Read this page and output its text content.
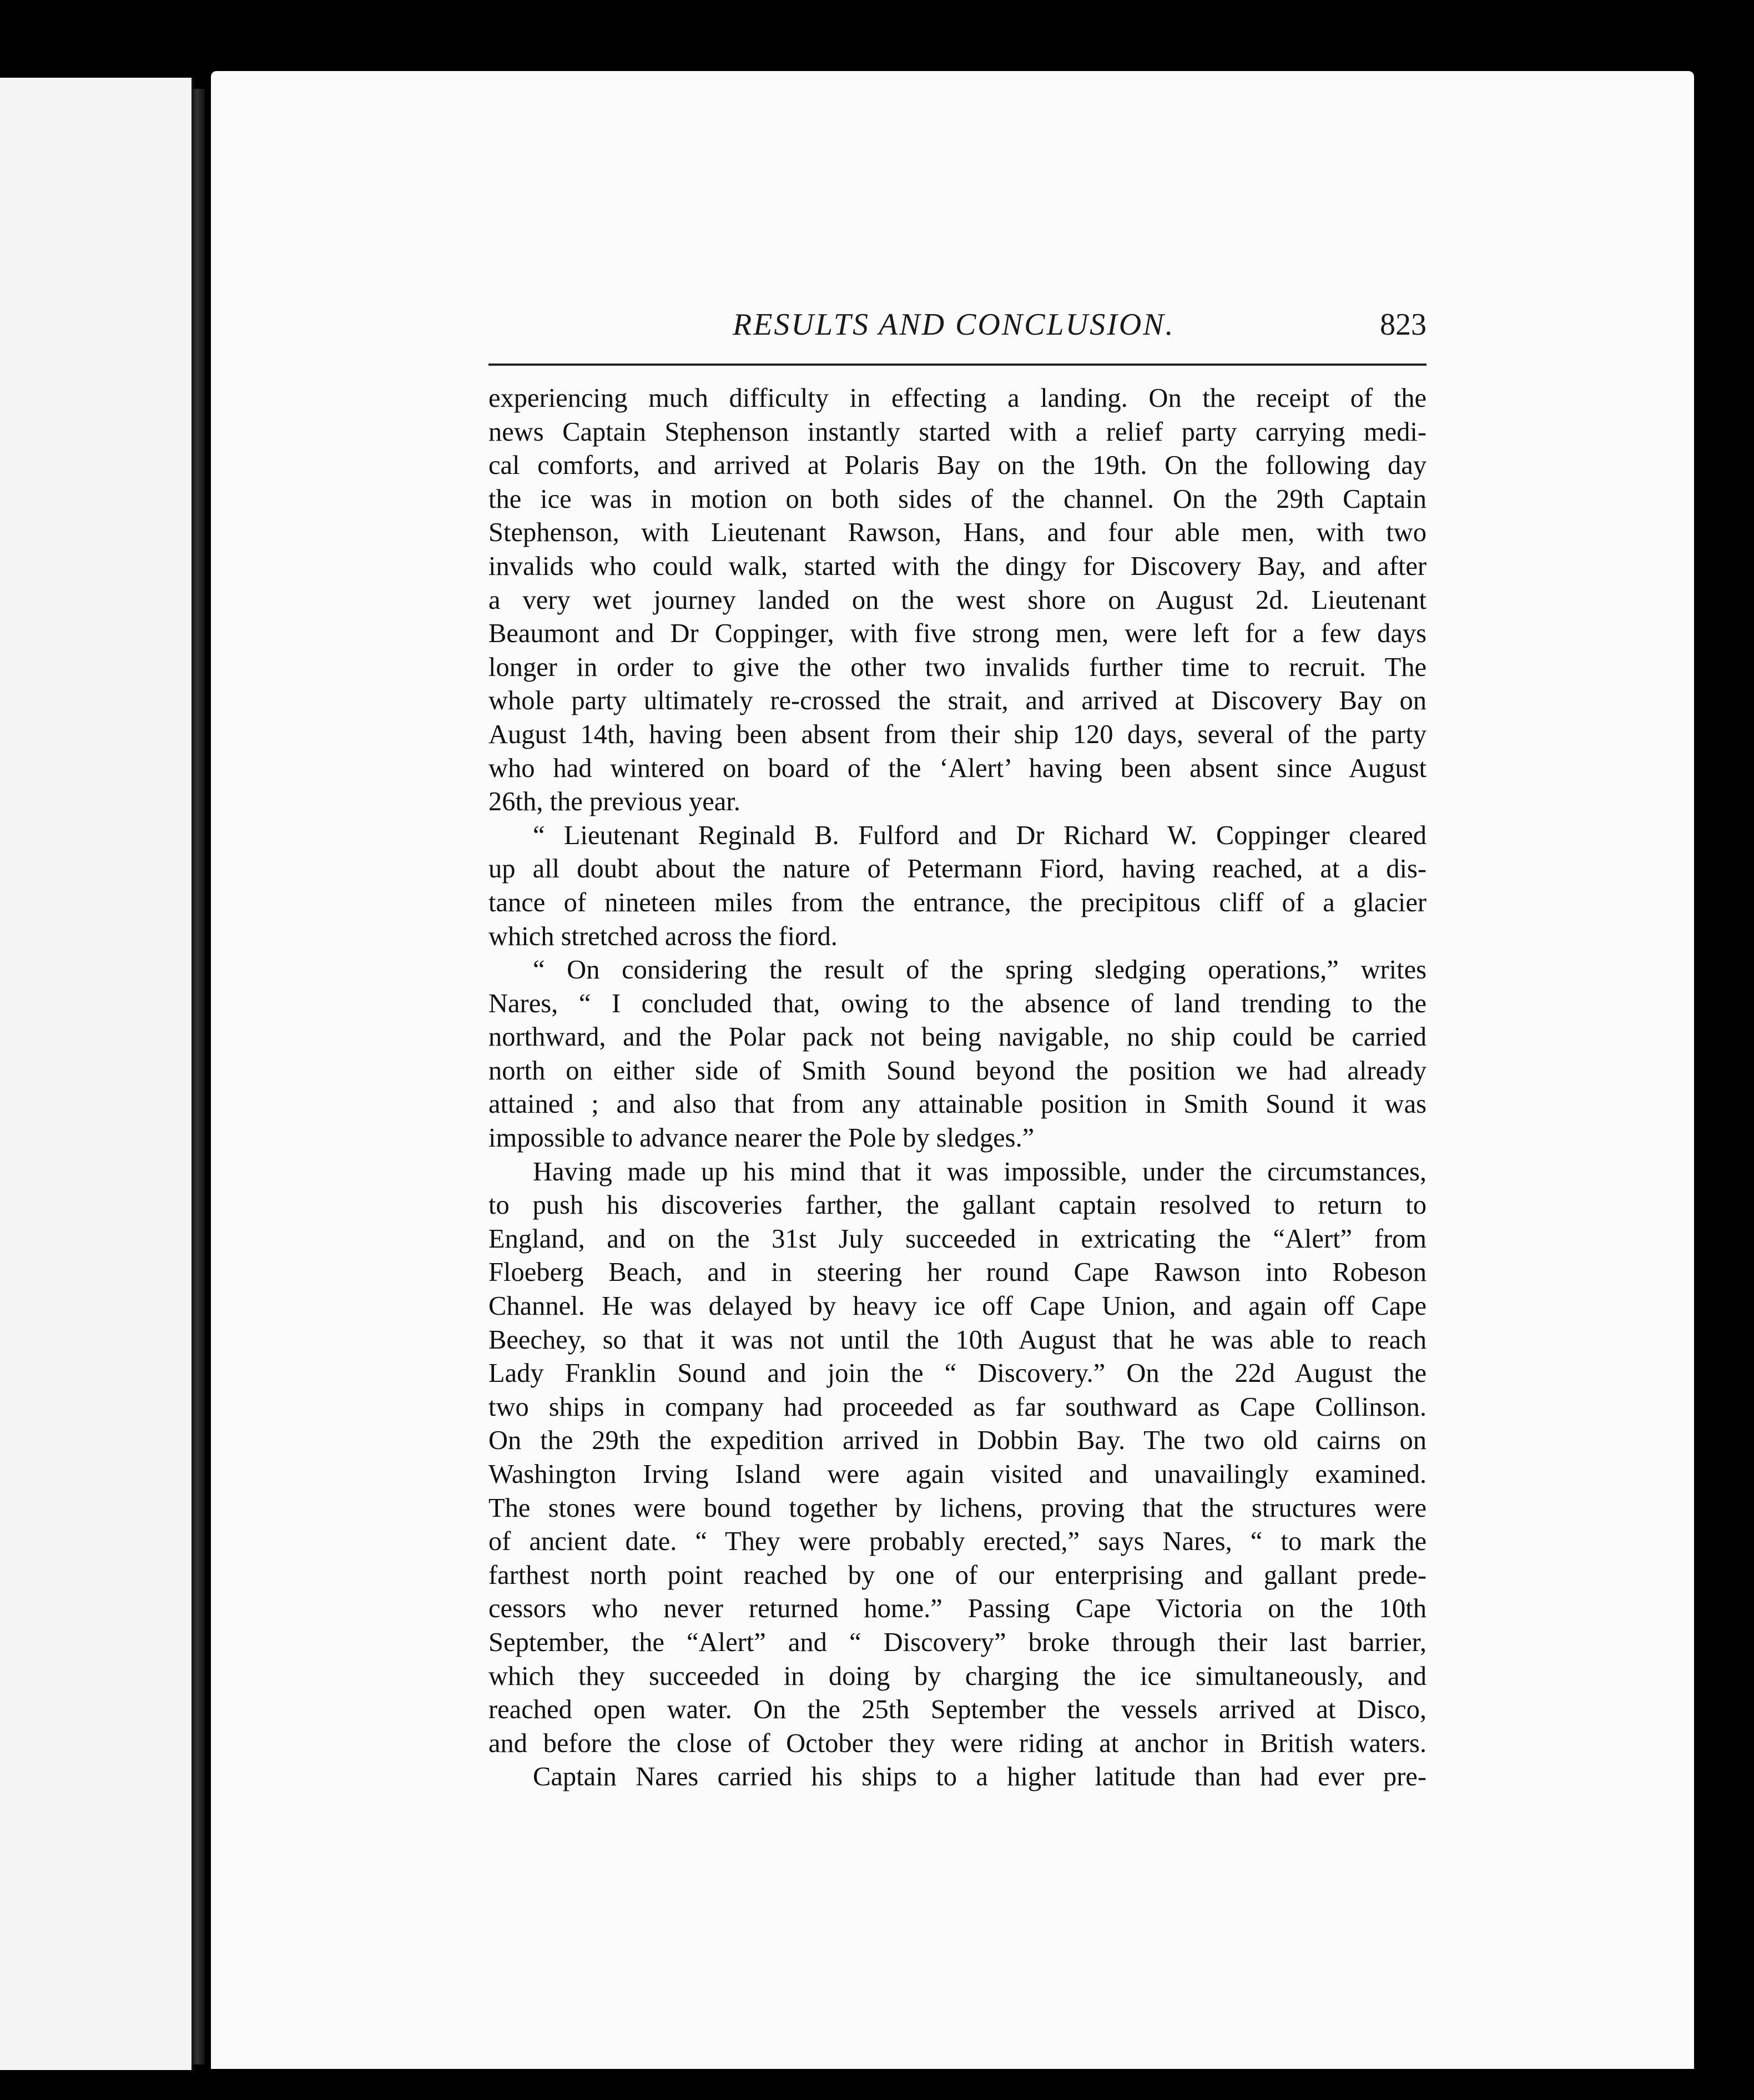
RESULTS AND CONCLUSION.	823
experiencing much difficulty in effecting a landing. On the receipt of the
news Captain Stephenson instantly started with a relief party carrying medi-
cal comforts, and arrived at Polaris Bay on the 19th. On the following day
the ice was in motion on both sides of the channel. On the 29th Captain
Stephenson, with Lieutenant Rawson, Hans, and four able men, with two
invalids who could walk, started with the dingy for Discovery Bay, and after
a very wet journey landed on the west shore on August 2d. Lieutenant
Beaumont and Dr Coppinger, with five strong men, were left for a few days
longer in order to give the other two invalids further time to recruit. The
whole party ultimately re-crossed the strait, and arrived at Discovery Bay on
August 14th, having been absent from their ship 120 days, several of the party
who had wintered on board of the ‘Alert’ having been absent since August
26th, the previous year.
“ Lieutenant Reginald B. Fulford and Dr Richard W. Coppinger cleared
up all doubt about the nature of Petermann Fiord, having reached, at a dis-
tance of nineteen miles from the entrance, the precipitous cliff of a glacier
which stretched across the fiord.
“ On considering the result of the spring sledging operations,” writes
Nares, “ I concluded that, owing to the absence of land trending to the
northward, and the Polar pack not being navigable, no ship could be carried
north on either side of Smith Sound beyond the position we had already
attained ; and also that from any attainable position in Smith Sound it was
impossible to advance nearer the Pole by sledges.”
Having made up his mind that it was impossible, under the circumstances,
to push his discoveries farther, the gallant captain resolved to return to
England, and on the 31st July succeeded in extricating the “Alert” from
Floeberg Beach, and in steering her round Cape Rawson into Robeson
Channel. He was delayed by heavy ice off Cape Union, and again off Cape
Beechey, so that it was not until the 10th August that he was able to reach
Lady Franklin Sound and join the “ Discovery.” On the 22d August the
two ships in company had proceeded as far southward as Cape Collinson.
On the 29th the expedition arrived in Dobbin Bay. The two old cairns on
Washington Irving Island were again visited and unavailingly examined.
The stones were bound together by lichens, proving that the structures were
of ancient date. “ They were probably erected,” says Nares, “ to mark the
farthest north point reached by one of our enterprising and gallant prede-
cessors who never returned home.” Passing Cape Victoria on the 10th
September, the “Alert” and “ Discovery” broke through their last barrier,
which they succeeded in doing by charging the ice simultaneously, and
reached open water. On the 25th September the vessels arrived at Disco,
and before the close of October they were riding at anchor in British waters.
Captain Nares carried his ships to a higher latitude than had ever pre-
